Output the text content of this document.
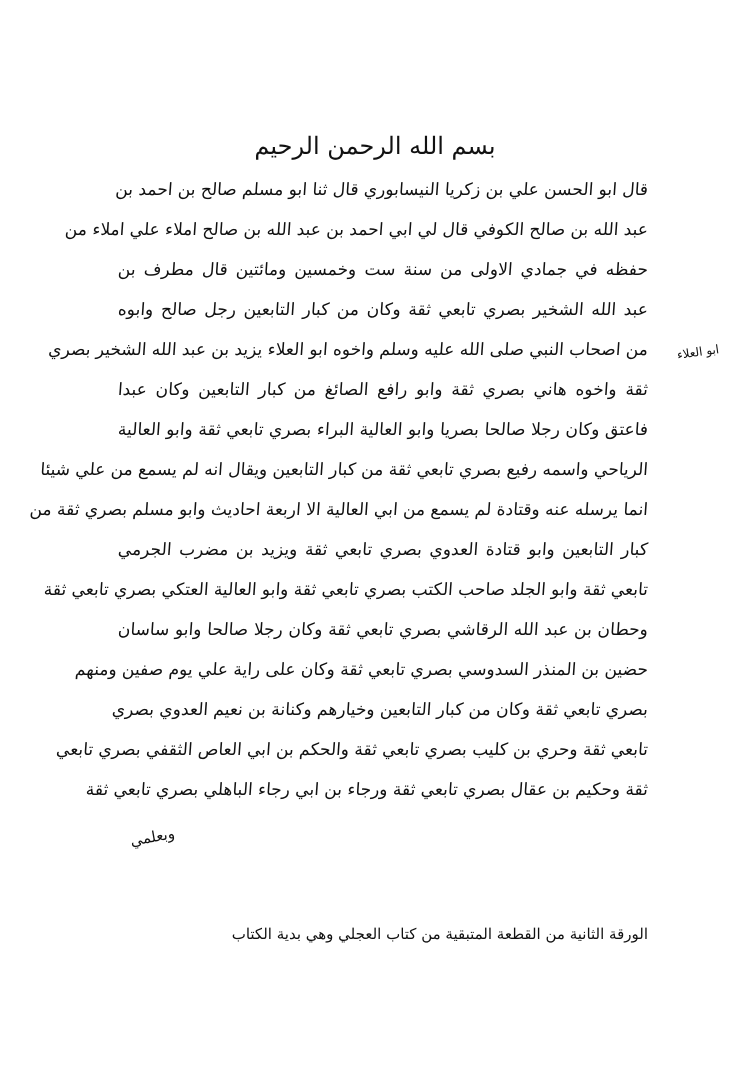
بسم الله الرحمن الرحيم
قال ابو الحسن علي بن زكريا النيسابوري قال ثنا ابو مسلم صالح بن احمد بن
عبد الله بن صالح الكوفي قال لي ابي احمد بن عبد الله بن صالح املاء علي املاء من
حفظه في جمادي الاولى من سنة ست وخمسين ومائتين قال مطرف بن
عبد الله الشخير بصري تابعي ثقة وكان من كبار التابعين رجل صالح وابوه
من اصحاب النبي صلى الله عليه وسلم واخوه ابو العلاء يزيد بن عبد الله الشخير بصري
ثقة واخوه هاني بصري ثقة وابو رافع الصائغ من كبار التابعين وكان عبدا
فاعتق وكان رجلا صالحا بصريا وابو العالية البراء بصري تابعي ثقة وابو العالية
الرياحي واسمه رفيع بصري تابعي ثقة من كبار التابعين ويقال انه لم يسمع من علي شيئا
انما يرسله عنه وقتادة لم يسمع من ابي العالية الا اربعة احاديث وابو مسلم بصري ثقة من
كبار التابعين وابو قتادة العدوي بصري تابعي ثقة ويزيد بن مضرب الجرمي
تابعي ثقة وابو الجلد صاحب الكتب بصري تابعي ثقة وابو العالية العتكي بصري تابعي ثقة
وحطان بن عبد الله الرقاشي بصري تابعي ثقة وكان رجلا صالحا وابو ساسان
حضين بن المنذر السدوسي بصري تابعي ثقة وكان على راية علي يوم صفين ومنهم
بصري تابعي ثقة وكان من كبار التابعين وخيارهم وكنانة بن نعيم العدوي بصري
تابعي ثقة وحري بن كليب بصري تابعي ثقة والحكم بن ابي العاص الثقفي بصري تابعي
ثقة وحكيم بن عقال بصري تابعي ثقة ورجاء بن ابي رجاء الباهلي بصري تابعي ثقة
ابو العلاء
وبعلمي
الورقة الثانية من القطعة المتبقية من كتاب العجلي وهي بدية الكتاب
